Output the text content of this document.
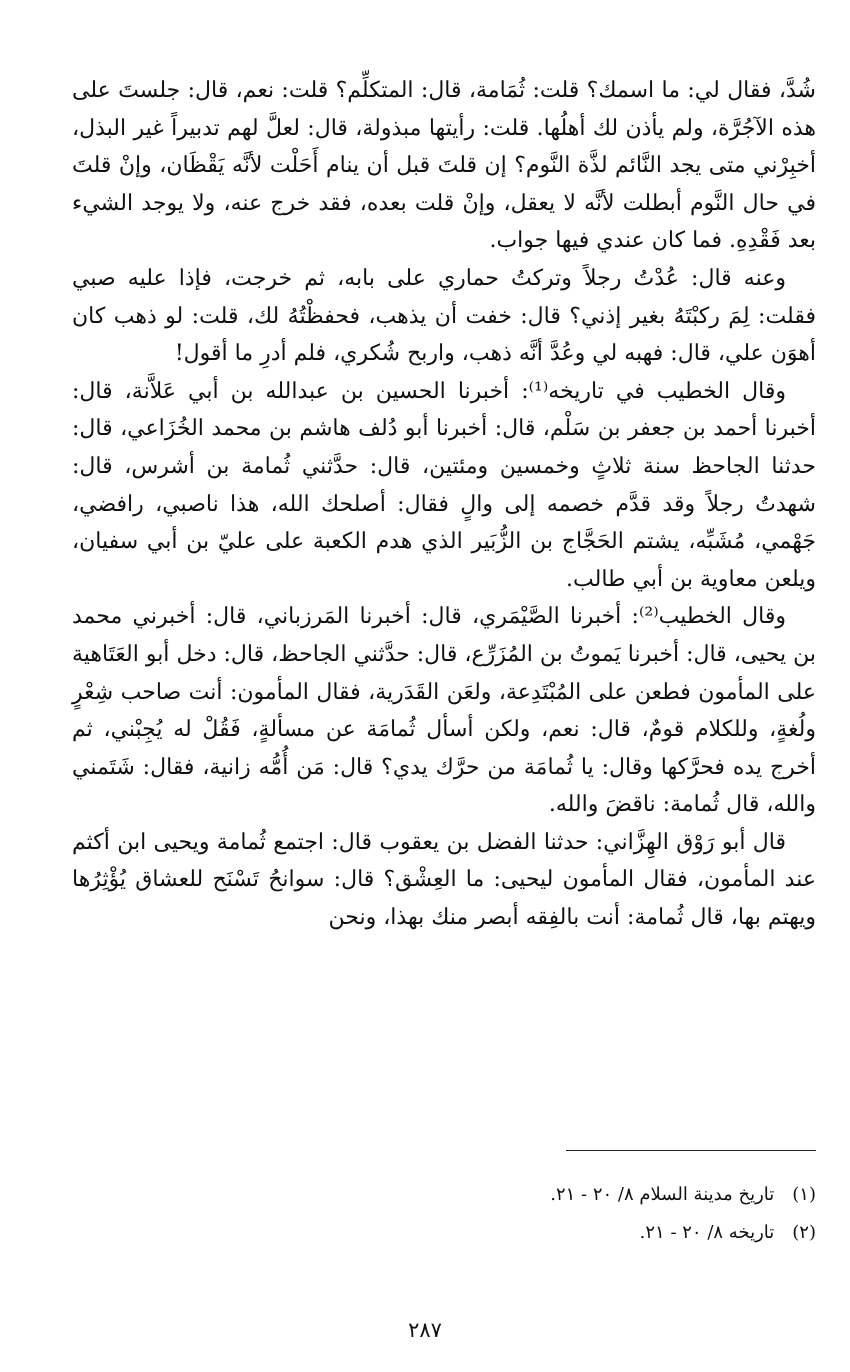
شُدَّ، فقال لي: ما اسمك؟ قلت: ثُمَامة، قال: المتكلِّم؟ قلت: نعم، قال: جلستَ على هذه الآجُرَّة، ولم يأذن لك أهلُها. قلت: رأيتها مبذولة، قال: لعلَّ لهم تدبيراً غير البذل، أخبِرْني متى يجد النَّائم لذَّة النَّوم؟ إن قلتَ قبل أن ينام أَحَلْت لأنَّه يَقْظَان، وإنْ قلتَ في حال النَّوم أبطلت لأنَّه لا يعقل، وإنْ قلت بعده، فقد خرج عنه، ولا يوجد الشيء بعد فَقْدِهِ. فما كان عندي فيها جواب.

وعنه قال: عُدْتُ رجلاً وتركتُ حماري على بابه، ثم خرجت، فإذا عليه صبي فقلت: لِمَ ركبْتَهُ بغير إذني؟ قال: خفت أن يذهب، فحفظْتُهُ لك، قلت: لو ذهب كان أهوَن علي، قال: فهبه لي وعُدَّ أنَّه ذهب، واربح شُكري، فلم أدرِ ما أقول!

وقال الخطيب في تاريخه⁽¹⁾: أخبرنا الحسين بن عبدالله بن أبي عَلاَّنة، قال: أخبرنا أحمد بن جعفر بن سَلْم، قال: أخبرنا أبو دُلف هاشم بن محمد الخُزَاعي، قال: حدثنا الجاحظ سنة ثلاثٍ وخمسين ومئتين، قال: حدَّثني ثُمامة بن أشرس، قال: شهدتُ رجلاً وقد قدَّم خصمه إلى والٍ فقال: أصلحك الله، هذا ناصبي، رافضي، جَهْمي، مُشَبِّه، يشتم الحَجَّاج بن الزُّبَير الذي هدم الكعبة على عليّ بن أبي سفيان، ويلعن معاوية بن أبي طالب.

وقال الخطيب⁽²⁾: أخبرنا الصَّيْمَري، قال: أخبرنا المَرزباني، قال: أخبرني محمد بن يحيى، قال: أخبرنا يَموتُ بن المُزَرِّع، قال: حدَّثني الجاحظ، قال: دخل أبو العَتَاهية على المأمون فطعن على المُبْتَدِعة، ولعَن القَدَرية، فقال المأمون: أنت صاحب شِعْرٍ ولُغةٍ، وللكلام قومٌ، قال: نعم، ولكن أسأل ثُمامَة عن مسألةٍ، فَقُلْ له يُجِبْني، ثم أخرج يده فحرَّكها وقال: يا ثُمامَة من حرَّك يدي؟ قال: مَن أُمُّه زانية، فقال: شَتَمني والله، قال ثُمامة: ناقضَ والله.

قال أبو رَوْق الهِزَّاني: حدثنا الفضل بن يعقوب قال: اجتمع ثُمامة ويحيى ابن أكثم عند المأمون، فقال المأمون ليحيى: ما العِشْق؟ قال: سوانحُ تَسْنَح للعشاق يُؤْثِرُها ويهتم بها، قال ثُمامة: أنت بالفِقه أبصر منك بهذا، ونحن

(١)تاريخ مدينة السلام ٨/ ٢٠ - ٢١.

(٢)تاريخه ٨/ ٢٠ - ٢١.

٢٨٧
